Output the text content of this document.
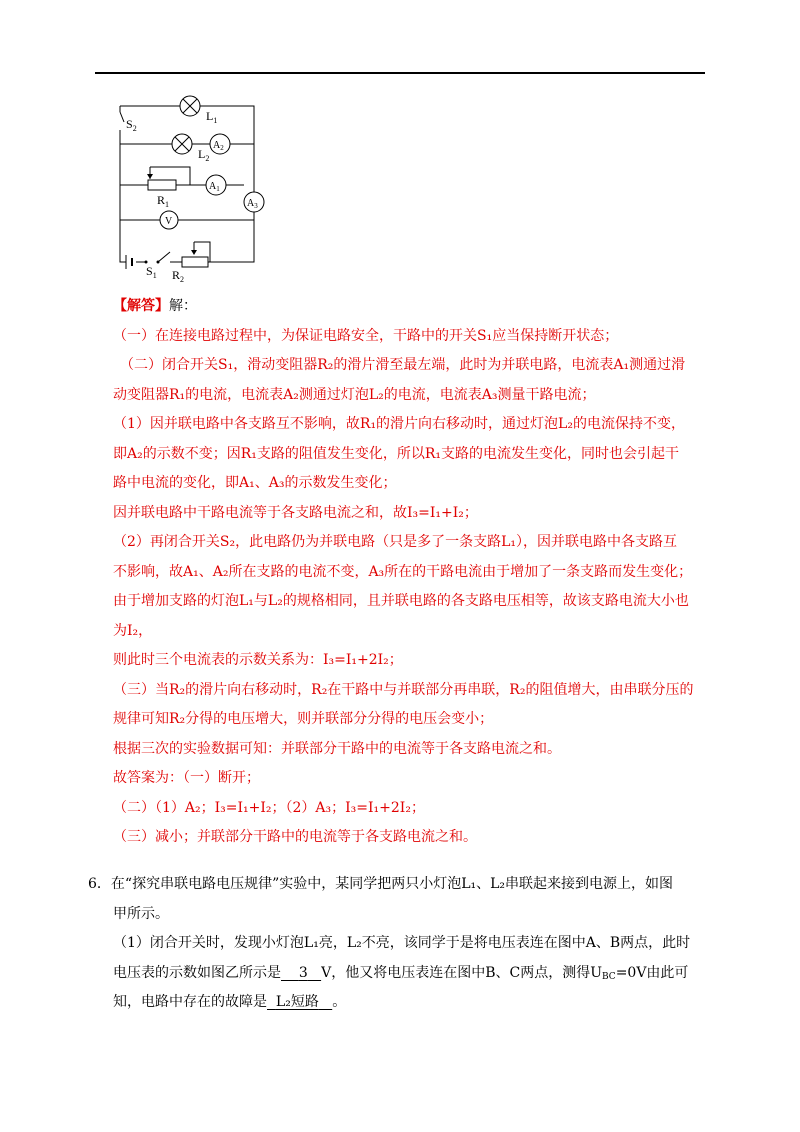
$S_2$
$L_1$
$L_2$
$A_2$
$A_1$
$A_3$
$R_1$
V
$S_1$ $R_2$
【解答】解：
（一）在连接电路过程中，为保证电路安全，干路中的开关S₁应当保持断开状态；
（二）闭合开关S₁，滑动变阻器R₂的滑片滑至最左端，此时为并联电路，电流表A₁测通过滑
动变阻器R₁的电流，电流表A₂测通过灯泡L₂的电流，电流表A₃测量干路电流；
（1）因并联电路中各支路互不影响，故R₁的滑片向右移动时，通过灯泡L₂的电流保持不变，
即A₂的示数不变；因R₁支路的阻值发生变化，所以R₁支路的电流发生变化，同时也会引起干
路中电流的变化，即A₁、A₃的示数发生变化；
因并联电路中干路电流等于各支路电流之和，故I₃=I₁+I₂；
（2）再闭合开关S₂，此电路仍为并联电路（只是多了一条支路L₁），因并联电路中各支路互
不影响，故A₁、A₂所在支路的电流不变，A₃所在的干路电流由于增加了一条支路而发生变化；
由于增加支路的灯泡L₁与L₂的规格相同，且并联电路的各支路电压相等，故该支路电流大小也
为I₂，
则此时三个电流表的示数关系为：I₃=I₁+2I₂；
（三）当R₂的滑片向右移动时，R₂在干路中与并联部分再串联，R₂的阻值增大，由串联分压的
规律可知R₂分得的电压增大，则并联部分分得的电压会变小；
根据三次的实验数据可知：并联部分干路中的电流等于各支路电流之和。
故答案为：（一）断开；
（二）（1）A₂；I₃=I₁+I₂；（2）A₃；I₃=I₁+2I₂；
（三）减小；并联部分干路中的电流等于各支路电流之和。
6．在“探究串联电路电压规律”实验中，某同学把两只小灯泡L₁、L₂串联起来接到电源上，如图
甲所示。
（1）闭合开关时，发现小灯泡L₁亮，L₂不亮，该同学于是将电压表连在图中A、B两点，此时
电压表的示数如图乙所示是 3 V，他又将电压表连在图中B、C两点，测得$U_{BC}=0V$由此可
知，电路中存在的故障是 L₂短路 。
